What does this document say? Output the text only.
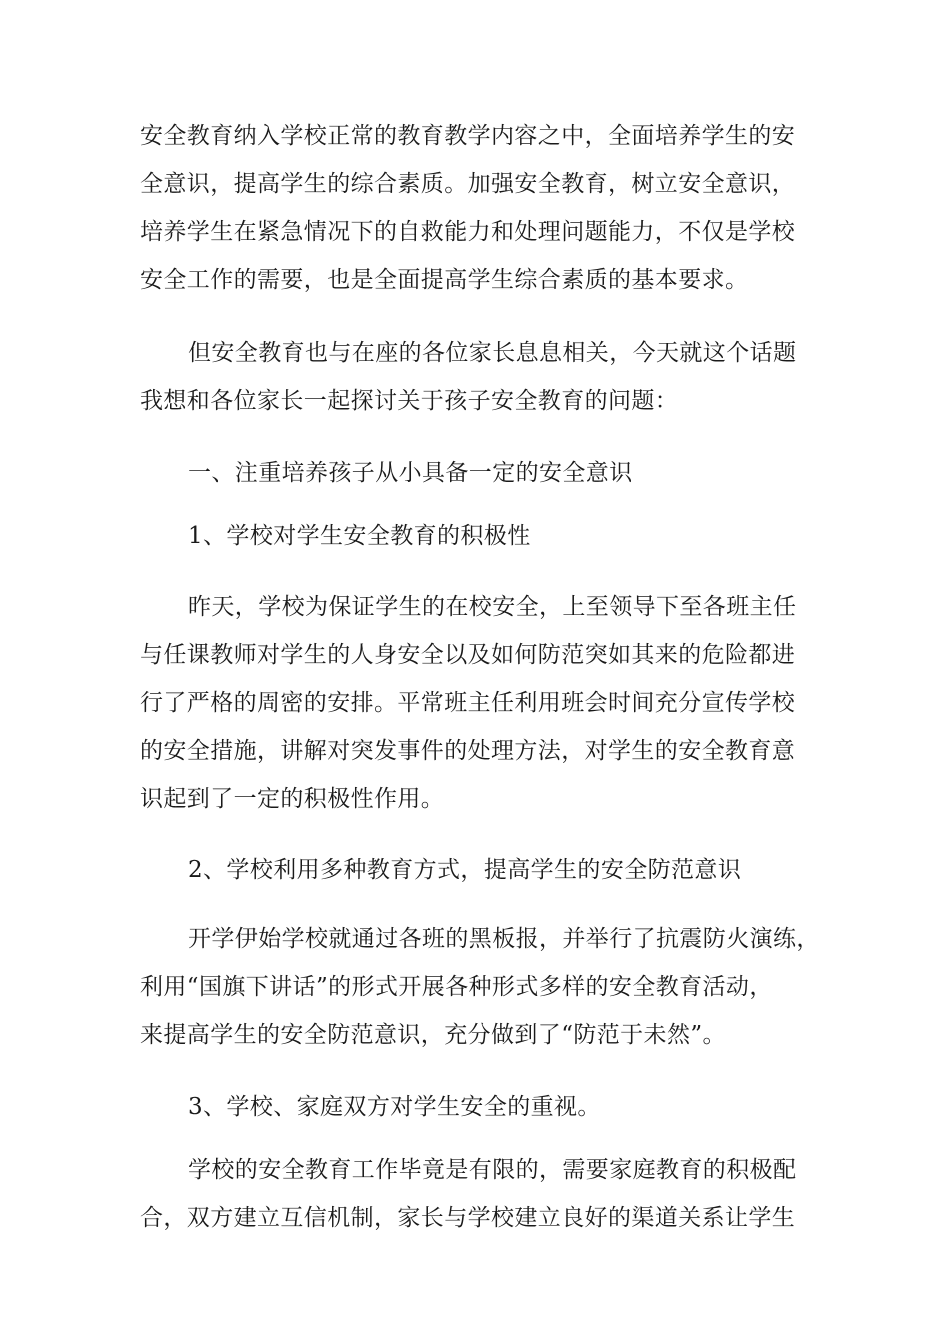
安全教育纳入学校正常的教育教学内容之中，全面培养学生的安
全意识，提高学生的综合素质。加强安全教育，树立安全意识，
培养学生在紧急情况下的自救能力和处理问题能力，不仅是学校
安全工作的需要，也是全面提高学生综合素质的基本要求。
但安全教育也与在座的各位家长息息相关，今天就这个话题
我想和各位家长一起探讨关于孩子安全教育的问题：
一、注重培养孩子从小具备一定的安全意识
1、学校对学生安全教育的积极性
昨天，学校为保证学生的在校安全，上至领导下至各班主任
与任课教师对学生的人身安全以及如何防范突如其来的危险都进
行了严格的周密的安排。平常班主任利用班会时间充分宣传学校
的安全措施，讲解对突发事件的处理方法，对学生的安全教育意
识起到了一定的积极性作用。
2、学校利用多种教育方式，提高学生的安全防范意识
开学伊始学校就通过各班的黑板报，并举行了抗震防火演练，
利用“国旗下讲话”的形式开展各种形式多样的安全教育活动，
来提高学生的安全防范意识，充分做到了“防范于未然”。
3、学校、家庭双方对学生安全的重视。
学校的安全教育工作毕竟是有限的，需要家庭教育的积极配
合，双方建立互信机制，家长与学校建立良好的渠道关系让学生
